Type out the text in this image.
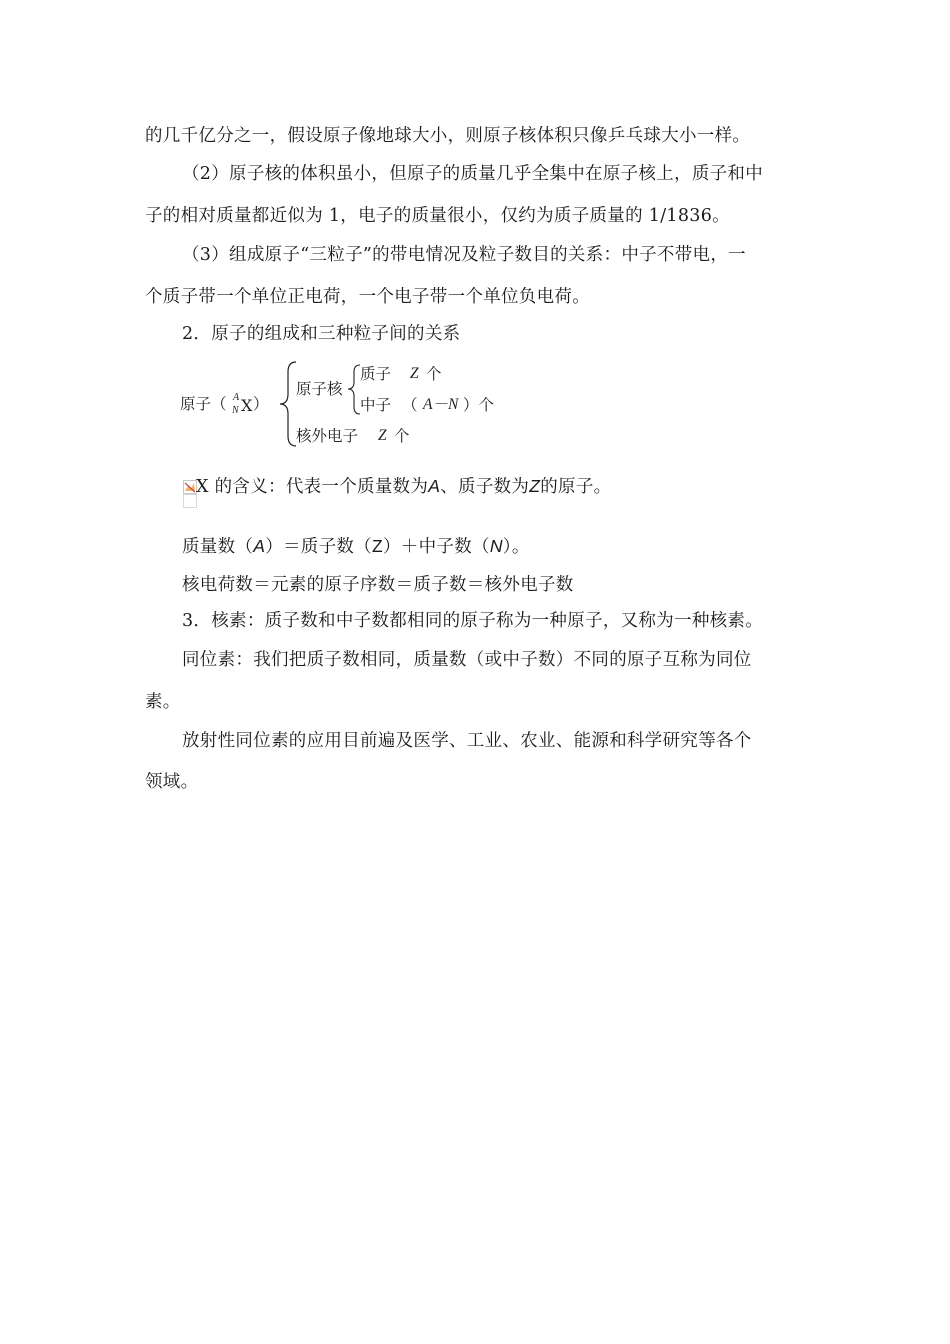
的几千亿分之一，假设原子像地球大小，则原子核体积只像乒乓球大小一样。
（2）原子核的体积虽小，但原子的质量几乎全集中在原子核上，质子和中
子的相对质量都近似为 1，电子的质量很小，仅约为质子质量的 1/1836。
（3）组成原子“三粒子”的带电情况及粒子数目的关系：中子不带电，一
个质子带一个单位正电荷，一个电子带一个单位负电荷。
2．原子的组成和三种粒子间的关系
原子（ A
N X ）
原子核
质子 Z 个
中子 （ A－N ）个
核外电子 Z 个
X 的含义：代表一个质量数为A、质子数为Z的原子。
质量数（A）＝质子数（Z）＋中子数（N）。
核电荷数＝元素的原子序数＝质子数＝核外电子数
3．核素：质子数和中子数都相同的原子称为一种原子，又称为一种核素。
同位素：我们把质子数相同，质量数（或中子数）不同的原子互称为同位
素。
放射性同位素的应用目前遍及医学、工业、农业、能源和科学研究等各个
领域。
